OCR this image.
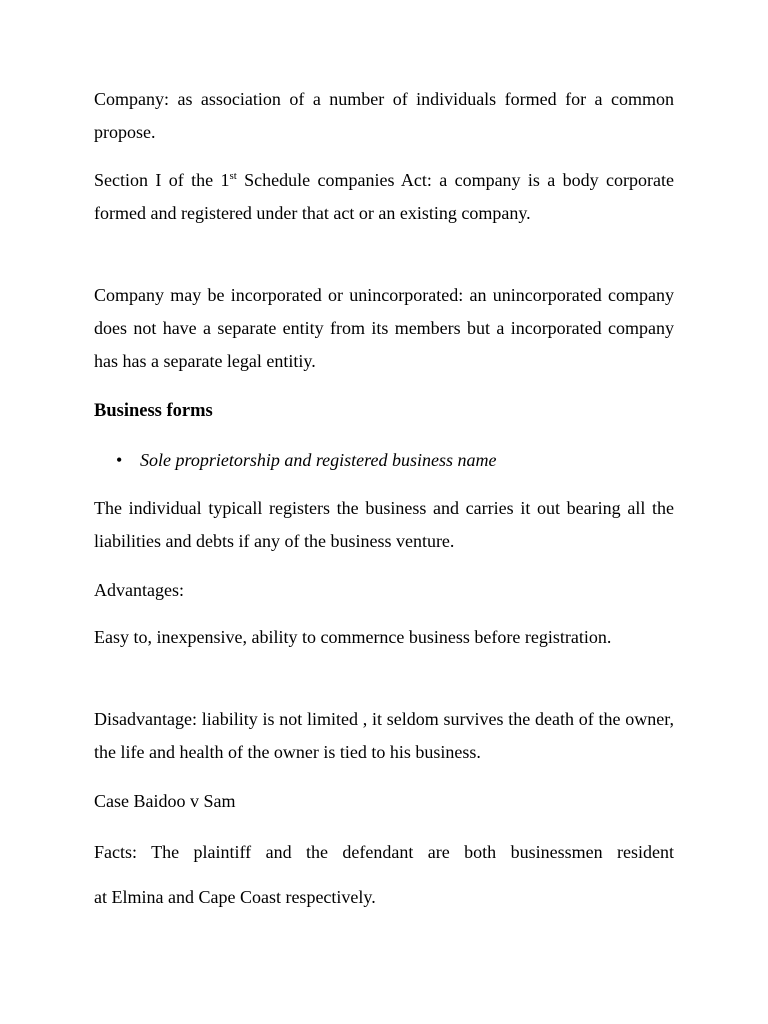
Company: as association of a number of individuals formed for a common propose.

Section I of the 1st Schedule companies Act: a company is a body corporate formed and registered under that act or an existing company.

Company may be incorporated or unincorporated: an unincorporated company does not have a separate entity from its members but a incorporated company has has a separate legal entitiy.

Business forms
• Sole proprietorship and registered business name

The individual typicall registers the business and carries it out bearing all the liabilities and debts if any of the business venture.

Advantages:

Easy to, inexpensive, ability to commernce business before registration.

Disadvantage: liability is not limited , it seldom survives the death of the owner, the life and health of the owner is tied to his business.

Case Baidoo v Sam

Facts: The plaintiff and the defendant are both businessmen resident

at Elmina and Cape Coast respectively.
